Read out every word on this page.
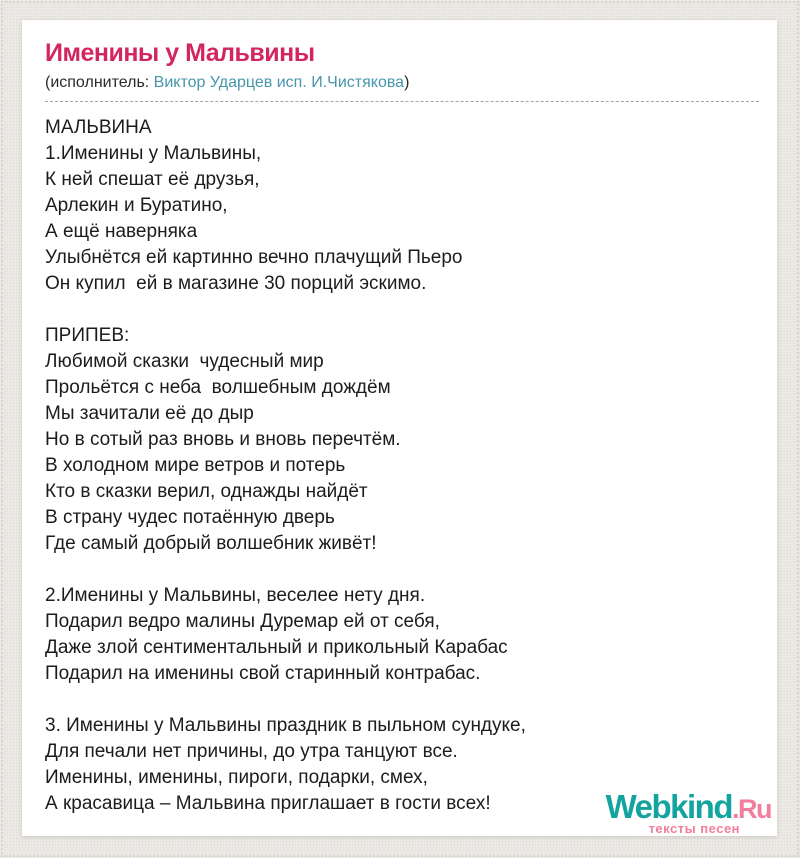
Именины у Мальвины
(исполнитель: Виктор Ударцев исп. И.Чистякова)
МАЛЬВИНА
1.Именины у Мальвины,
К ней спешат её друзья,
Арлекин и Буратино,
А ещё наверняка
Улыбнётся ей картинно вечно плачущий Пьеро
Он купил  ей в магазине 30 порций эскимо.
ПРИПЕВ:
Любимой сказки  чудесный мир
Прольётся с неба  волшебным дождём
Мы зачитали её до дыр
Но в сотый раз вновь и вновь перечтём.
В холодном мире ветров и потерь
Кто в сказки верил, однажды найдёт
В страну чудес потаённую дверь
Где самый добрый волшебник живёт!
2.Именины у Мальвины, веселее нету дня.
Подарил ведро малины Дуремар ей от себя,
Даже злой сентиментальный и прикольный Карабас
Подарил на именины свой старинный контрабас.
3. Именины у Мальвины праздник в пыльном сундуке,
Для печали нет причины, до утра танцуют все.
Именины, именины, пироги, подарки, смех,
А красавица – Мальвина приглашает в гости всех!	Webkind.Ru
тексты песен
